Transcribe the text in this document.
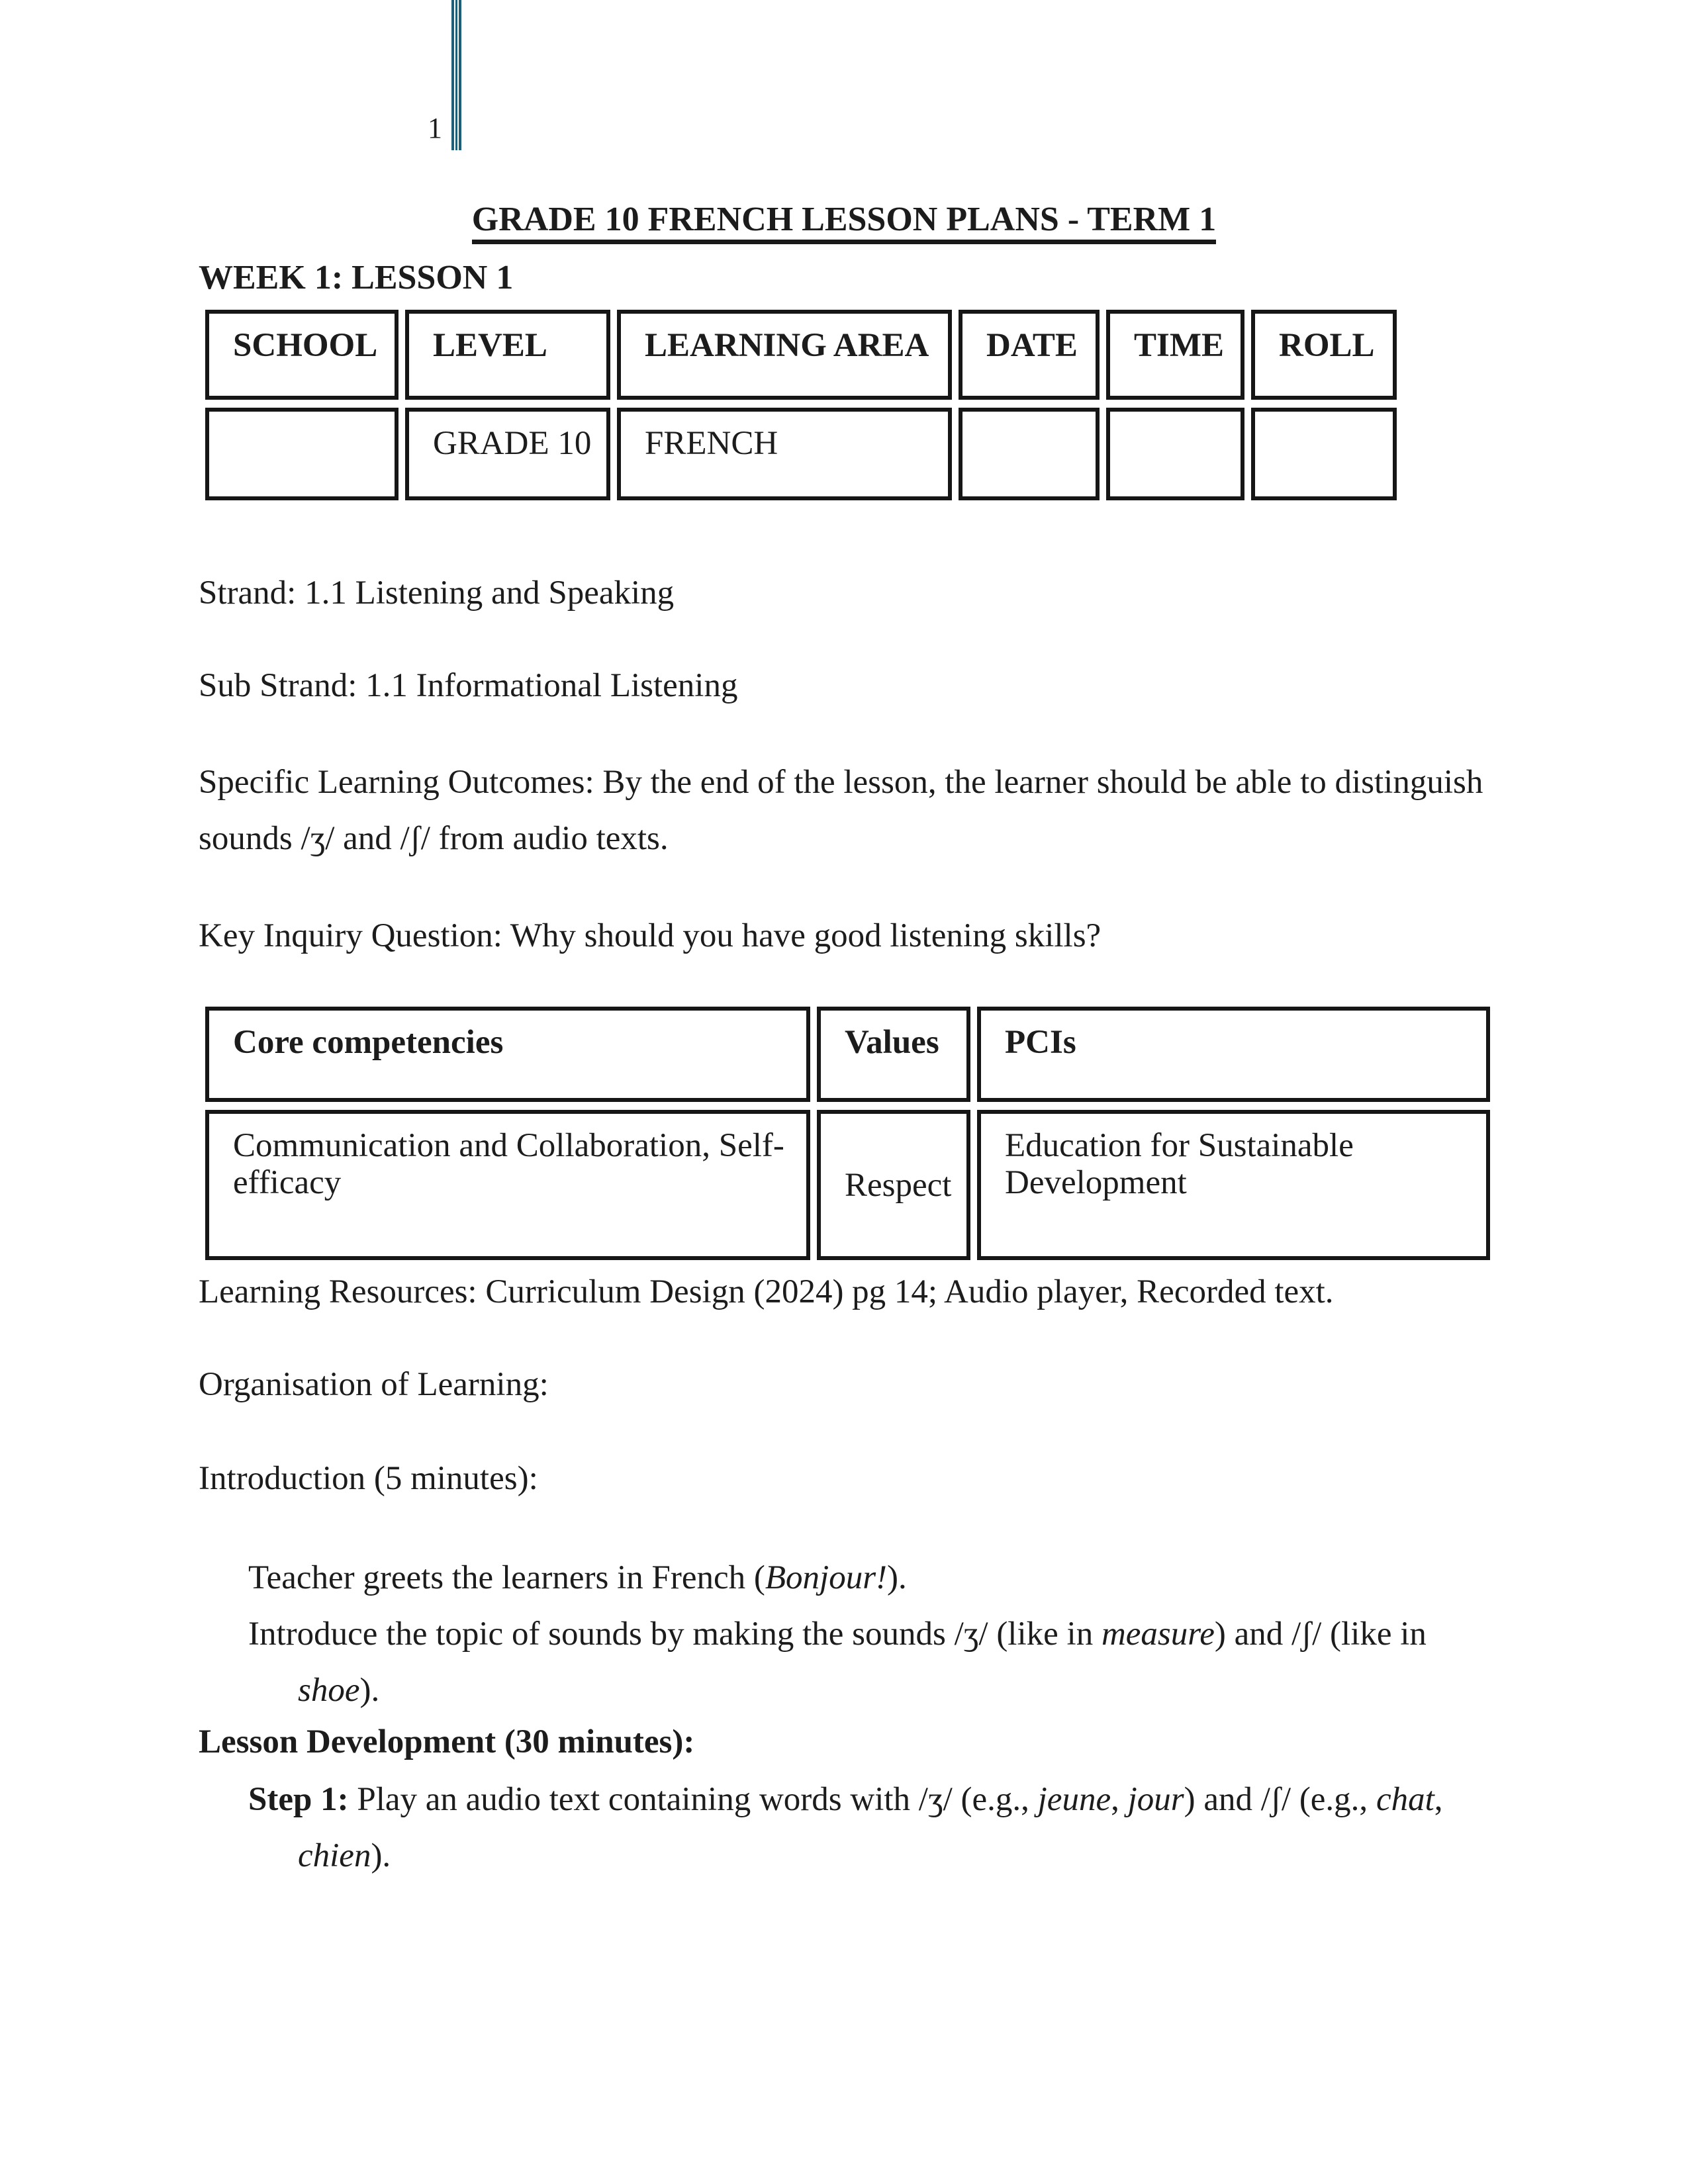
1
GRADE 10 FRENCH LESSON PLANS - TERM 1
WEEK 1: LESSON 1
SCHOOL	LEVEL	LEARNING AREA	DATE	TIME	ROLL
	GRADE 10	FRENCH			
Strand: 1.1 Listening and Speaking
Sub Strand: 1.1 Informational Listening
Specific Learning Outcomes: By the end of the lesson, the learner should be able to distinguish sounds /ʒ/ and /ʃ/ from audio texts.
Key Inquiry Question: Why should you have good listening skills?
Core competencies	Values	PCIs
Communication and Collaboration, Self-efficacy	Respect	Education for Sustainable Development
Learning Resources: Curriculum Design (2024) pg 14; Audio player, Recorded text.
Organisation of Learning:
Introduction (5 minutes):
Teacher greets the learners in French (Bonjour!).
Introduce the topic of sounds by making the sounds /ʒ/ (like in measure) and /ʃ/ (like in shoe).
Lesson Development (30 minutes):
Step 1: Play an audio text containing words with /ʒ/ (e.g., jeune, jour) and /ʃ/ (e.g., chat, chien).
